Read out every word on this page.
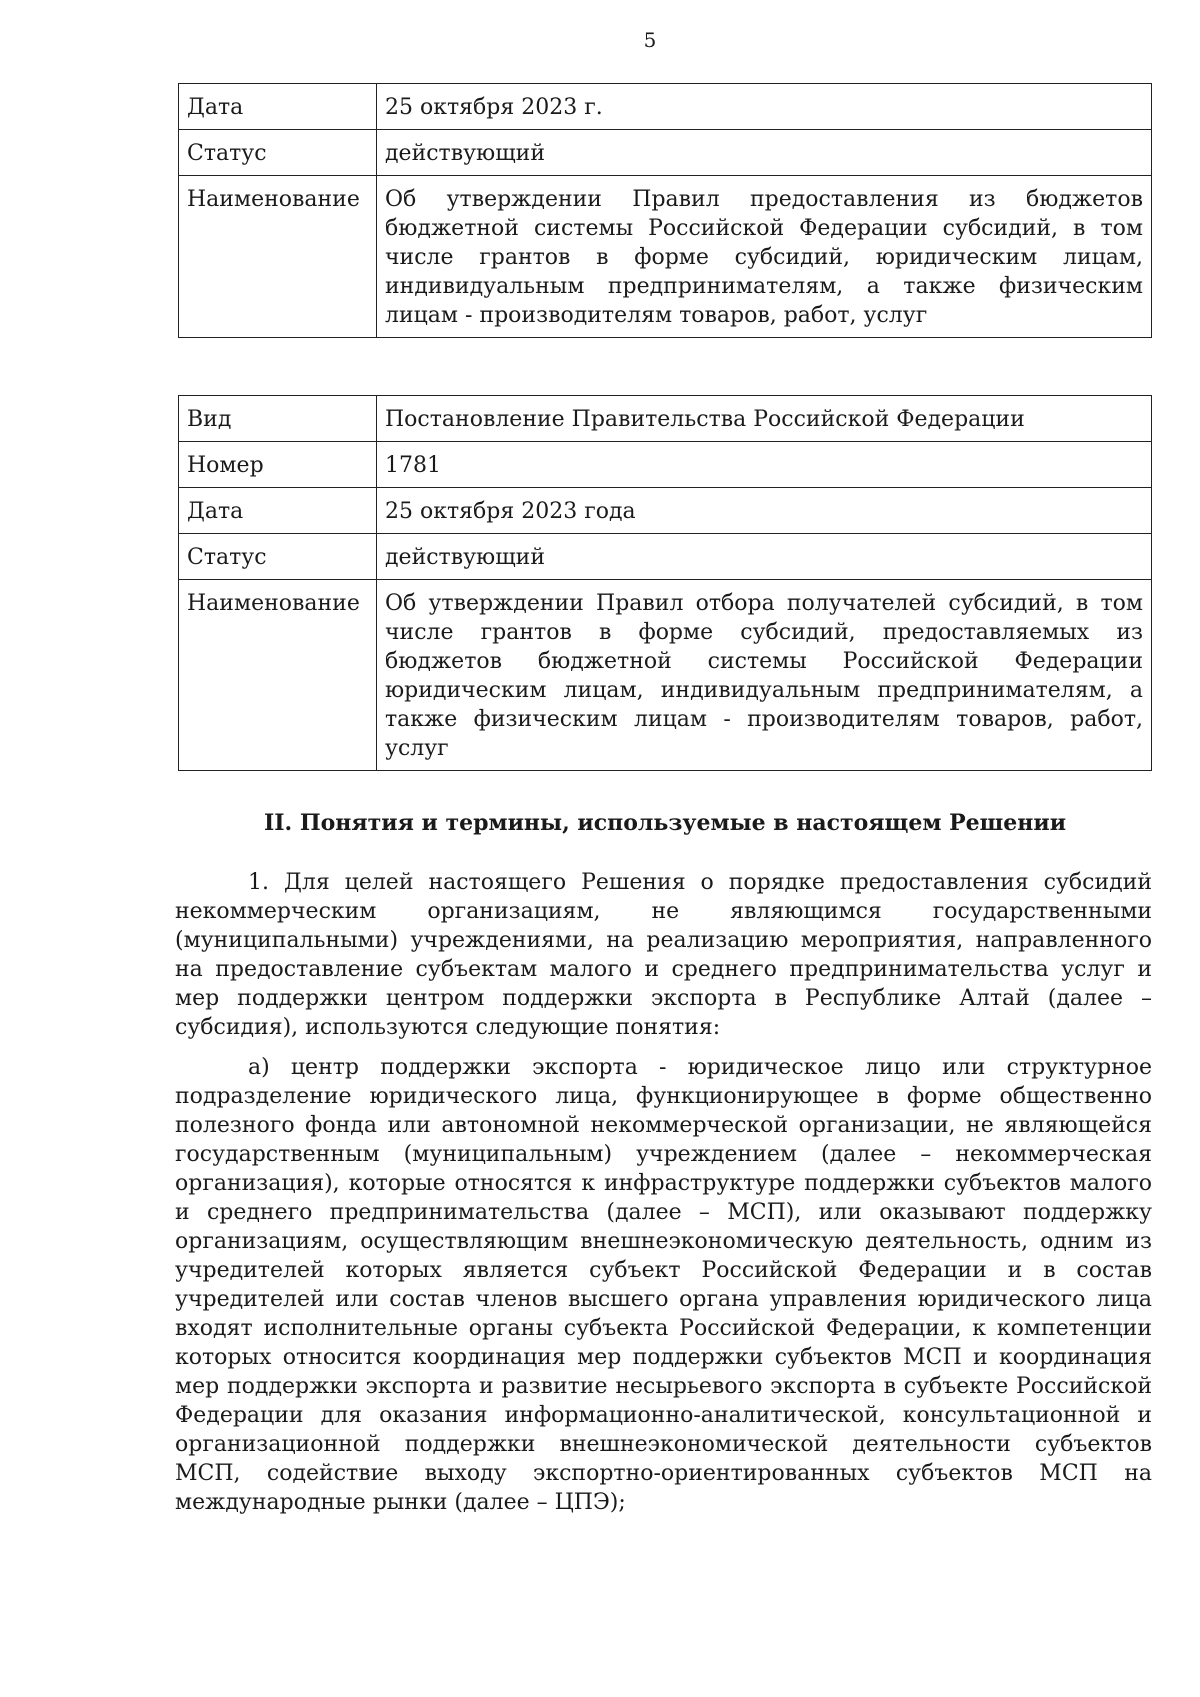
5
Дата	25 октября 2023 г.
Статус	действующий
Наименование	Об утверждении Правил предоставления из бюджетов бюджетной системы Российской Федерации субсидий, в том числе грантов в форме субсидий, юридическим лицам, индивидуальным предпринимателям, а также физическим лицам - производителям товаров, работ, услуг
Вид	Постановление Правительства Российской Федерации
Номер	1781
Дата	25 октября 2023 года
Статус	действующий
Наименование	Об утверждении Правил отбора получателей субсидий, в том числе грантов в форме субсидий, предоставляемых из бюджетов бюджетной системы Российской Федерации юридическим лицам, индивидуальным предпринимателям, а также физическим лицам - производителям товаров, работ, услуг
II. Понятия и термины, используемые в настоящем Решении

1. Для целей настоящего Решения о порядке предоставления субсидий некоммерческим организациям, не являющимся государственными (муниципальными) учреждениями, на реализацию мероприятия, направленного на предоставление субъектам малого и среднего предпринимательства услуг и мер поддержки центром поддержки экспорта в Республике Алтай (далее – субсидия), используются следующие понятия:

а) центр поддержки экспорта - юридическое лицо или структурное подразделение юридического лица, функционирующее в форме общественно полезного фонда или автономной некоммерческой организации, не являющейся государственным (муниципальным) учреждением (далее – некоммерческая организация), которые относятся к инфраструктуре поддержки субъектов малого и среднего предпринимательства (далее – МСП), или оказывают поддержку организациям, осуществляющим внешнеэкономическую деятельность, одним из учредителей которых является субъект Российской Федерации и в состав учредителей или состав членов высшего органа управления юридического лица входят исполнительные органы субъекта Российской Федерации, к компетенции которых относится координация мер поддержки субъектов МСП и координация мер поддержки экспорта и развитие несырьевого экспорта в субъекте Российской Федерации для оказания информационно-аналитической, консультационной и организационной поддержки внешнеэкономической деятельности субъектов МСП, содействие выходу экспортно-ориентированных субъектов МСП на международные рынки (далее – ЦПЭ);
